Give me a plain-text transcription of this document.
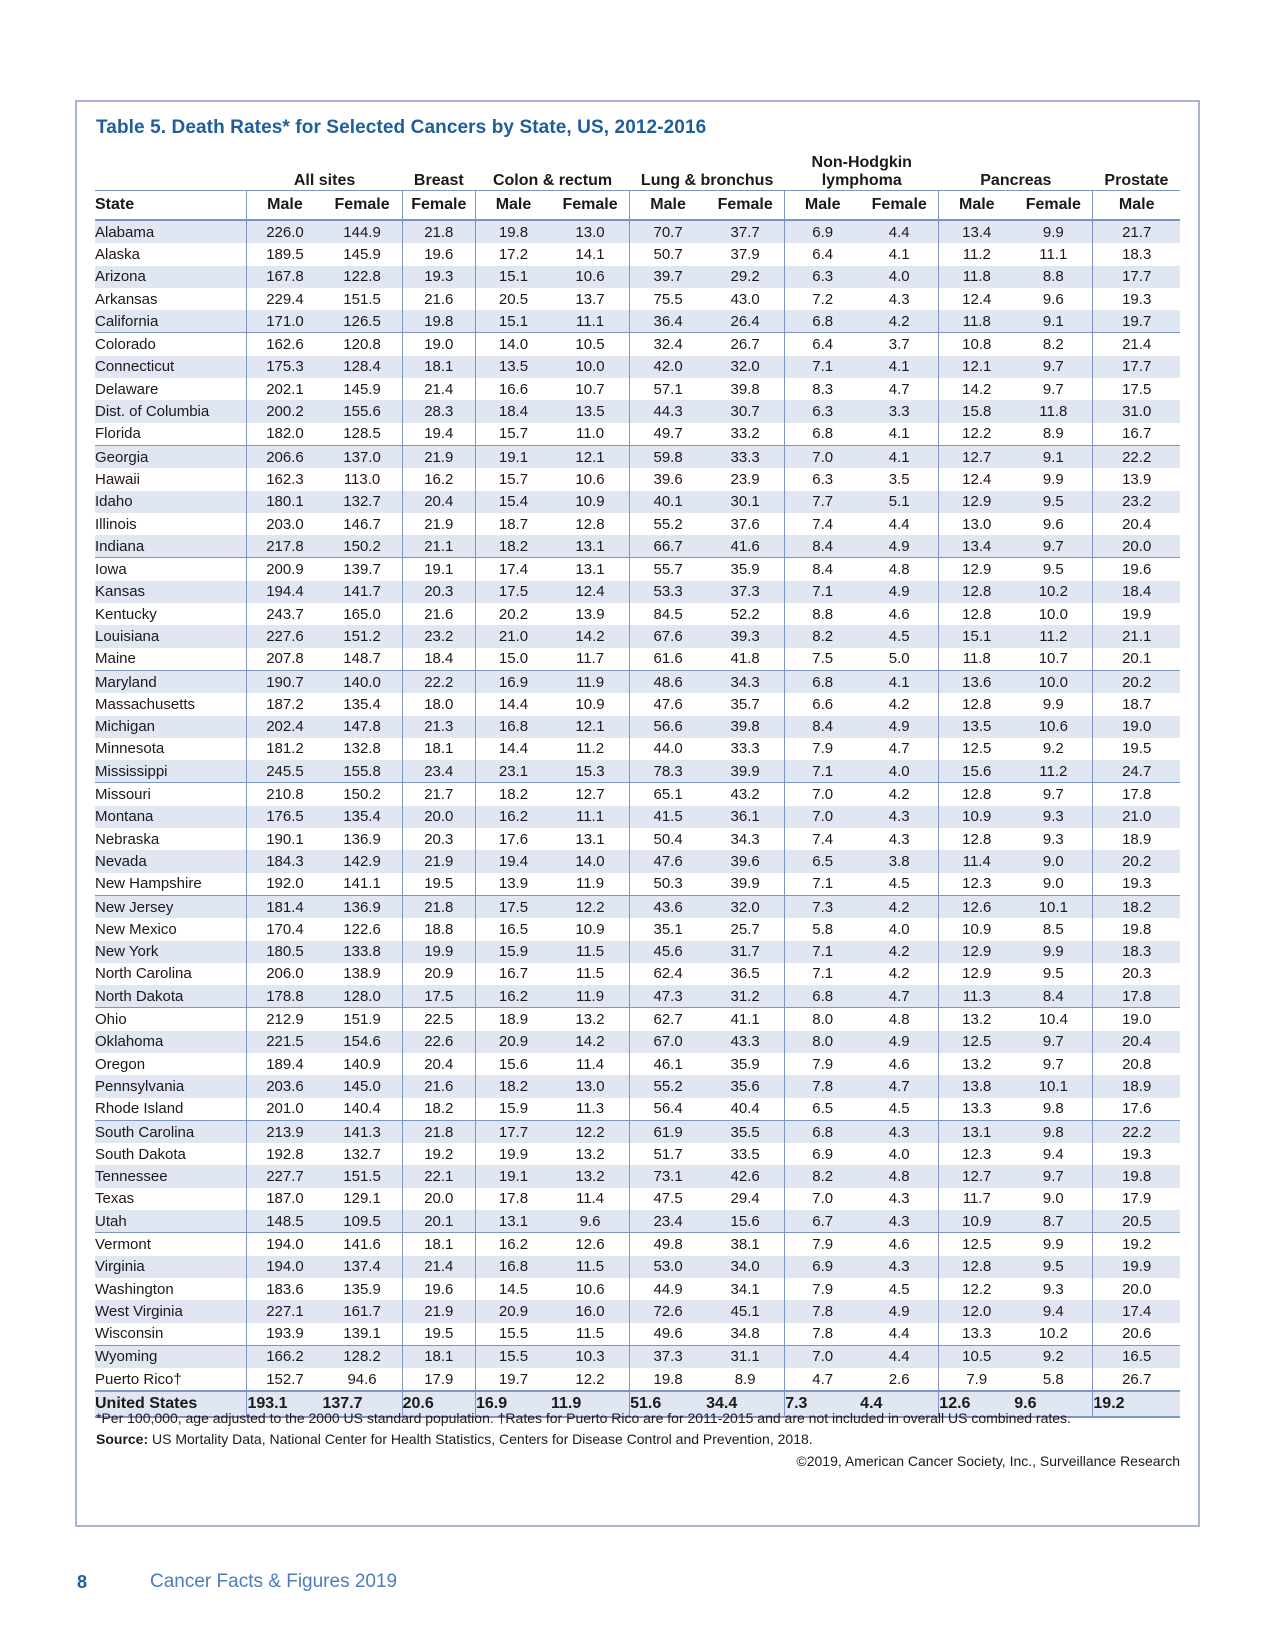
Table 5. Death Rates* for Selected Cancers by State, US, 2012-2016
	All sites		Breast	Colon & rectum		Lung & bronchus		Non-Hodgkin
lymphoma		Pancreas		Prostate
State	Male	Female	Female	Male	Female	Male	Female	Male	Female	Male	Female	Male
Alabama	226.0	144.9	21.8	19.8	13.0	70.7	37.7	6.9	4.4	13.4	9.9	21.7
Alaska	189.5	145.9	19.6	17.2	14.1	50.7	37.9	6.4	4.1	11.2	11.1	18.3
Arizona	167.8	122.8	19.3	15.1	10.6	39.7	29.2	6.3	4.0	11.8	8.8	17.7
Arkansas	229.4	151.5	21.6	20.5	13.7	75.5	43.0	7.2	4.3	12.4	9.6	19.3
California	171.0	126.5	19.8	15.1	11.1	36.4	26.4	6.8	4.2	11.8	9.1	19.7
Colorado	162.6	120.8	19.0	14.0	10.5	32.4	26.7	6.4	3.7	10.8	8.2	21.4
Connecticut	175.3	128.4	18.1	13.5	10.0	42.0	32.0	7.1	4.1	12.1	9.7	17.7
Delaware	202.1	145.9	21.4	16.6	10.7	57.1	39.8	8.3	4.7	14.2	9.7	17.5
Dist. of Columbia	200.2	155.6	28.3	18.4	13.5	44.3	30.7	6.3	3.3	15.8	11.8	31.0
Florida	182.0	128.5	19.4	15.7	11.0	49.7	33.2	6.8	4.1	12.2	8.9	16.7
Georgia	206.6	137.0	21.9	19.1	12.1	59.8	33.3	7.0	4.1	12.7	9.1	22.2
Hawaii	162.3	113.0	16.2	15.7	10.6	39.6	23.9	6.3	3.5	12.4	9.9	13.9
Idaho	180.1	132.7	20.4	15.4	10.9	40.1	30.1	7.7	5.1	12.9	9.5	23.2
Illinois	203.0	146.7	21.9	18.7	12.8	55.2	37.6	7.4	4.4	13.0	9.6	20.4
Indiana	217.8	150.2	21.1	18.2	13.1	66.7	41.6	8.4	4.9	13.4	9.7	20.0
Iowa	200.9	139.7	19.1	17.4	13.1	55.7	35.9	8.4	4.8	12.9	9.5	19.6
Kansas	194.4	141.7	20.3	17.5	12.4	53.3	37.3	7.1	4.9	12.8	10.2	18.4
Kentucky	243.7	165.0	21.6	20.2	13.9	84.5	52.2	8.8	4.6	12.8	10.0	19.9
Louisiana	227.6	151.2	23.2	21.0	14.2	67.6	39.3	8.2	4.5	15.1	11.2	21.1
Maine	207.8	148.7	18.4	15.0	11.7	61.6	41.8	7.5	5.0	11.8	10.7	20.1
Maryland	190.7	140.0	22.2	16.9	11.9	48.6	34.3	6.8	4.1	13.6	10.0	20.2
Massachusetts	187.2	135.4	18.0	14.4	10.9	47.6	35.7	6.6	4.2	12.8	9.9	18.7
Michigan	202.4	147.8	21.3	16.8	12.1	56.6	39.8	8.4	4.9	13.5	10.6	19.0
Minnesota	181.2	132.8	18.1	14.4	11.2	44.0	33.3	7.9	4.7	12.5	9.2	19.5
Mississippi	245.5	155.8	23.4	23.1	15.3	78.3	39.9	7.1	4.0	15.6	11.2	24.7
Missouri	210.8	150.2	21.7	18.2	12.7	65.1	43.2	7.0	4.2	12.8	9.7	17.8
Montana	176.5	135.4	20.0	16.2	11.1	41.5	36.1	7.0	4.3	10.9	9.3	21.0
Nebraska	190.1	136.9	20.3	17.6	13.1	50.4	34.3	7.4	4.3	12.8	9.3	18.9
Nevada	184.3	142.9	21.9	19.4	14.0	47.6	39.6	6.5	3.8	11.4	9.0	20.2
New Hampshire	192.0	141.1	19.5	13.9	11.9	50.3	39.9	7.1	4.5	12.3	9.0	19.3
New Jersey	181.4	136.9	21.8	17.5	12.2	43.6	32.0	7.3	4.2	12.6	10.1	18.2
New Mexico	170.4	122.6	18.8	16.5	10.9	35.1	25.7	5.8	4.0	10.9	8.5	19.8
New York	180.5	133.8	19.9	15.9	11.5	45.6	31.7	7.1	4.2	12.9	9.9	18.3
North Carolina	206.0	138.9	20.9	16.7	11.5	62.4	36.5	7.1	4.2	12.9	9.5	20.3
North Dakota	178.8	128.0	17.5	16.2	11.9	47.3	31.2	6.8	4.7	11.3	8.4	17.8
Ohio	212.9	151.9	22.5	18.9	13.2	62.7	41.1	8.0	4.8	13.2	10.4	19.0
Oklahoma	221.5	154.6	22.6	20.9	14.2	67.0	43.3	8.0	4.9	12.5	9.7	20.4
Oregon	189.4	140.9	20.4	15.6	11.4	46.1	35.9	7.9	4.6	13.2	9.7	20.8
Pennsylvania	203.6	145.0	21.6	18.2	13.0	55.2	35.6	7.8	4.7	13.8	10.1	18.9
Rhode Island	201.0	140.4	18.2	15.9	11.3	56.4	40.4	6.5	4.5	13.3	9.8	17.6
South Carolina	213.9	141.3	21.8	17.7	12.2	61.9	35.5	6.8	4.3	13.1	9.8	22.2
South Dakota	192.8	132.7	19.2	19.9	13.2	51.7	33.5	6.9	4.0	12.3	9.4	19.3
Tennessee	227.7	151.5	22.1	19.1	13.2	73.1	42.6	8.2	4.8	12.7	9.7	19.8
Texas	187.0	129.1	20.0	17.8	11.4	47.5	29.4	7.0	4.3	11.7	9.0	17.9
Utah	148.5	109.5	20.1	13.1	9.6	23.4	15.6	6.7	4.3	10.9	8.7	20.5
Vermont	194.0	141.6	18.1	16.2	12.6	49.8	38.1	7.9	4.6	12.5	9.9	19.2
Virginia	194.0	137.4	21.4	16.8	11.5	53.0	34.0	6.9	4.3	12.8	9.5	19.9
Washington	183.6	135.9	19.6	14.5	10.6	44.9	34.1	7.9	4.5	12.2	9.3	20.0
West Virginia	227.1	161.7	21.9	20.9	16.0	72.6	45.1	7.8	4.9	12.0	9.4	17.4
Wisconsin	193.9	139.1	19.5	15.5	11.5	49.6	34.8	7.8	4.4	13.3	10.2	20.6
Wyoming	166.2	128.2	18.1	15.5	10.3	37.3	31.1	7.0	4.4	10.5	9.2	16.5
Puerto Rico†	152.7	94.6	17.9	19.7	12.2	19.8	8.9	4.7	2.6	7.9	5.8	26.7
United States	193.1	137.7	20.6	16.9	11.9	51.6	34.4	7.3	4.4	12.6	9.6	19.2
*Per 100,000, age adjusted to the 2000 US standard population. †Rates for Puerto Rico are for 2011-2015 and are not included in overall US combined rates.
Source: US Mortality Data, National Center for Health Statistics, Centers for Disease Control and Prevention, 2018.
©2019, American Cancer Society, Inc., Surveillance Research
8	Cancer Facts & Figures 2019
